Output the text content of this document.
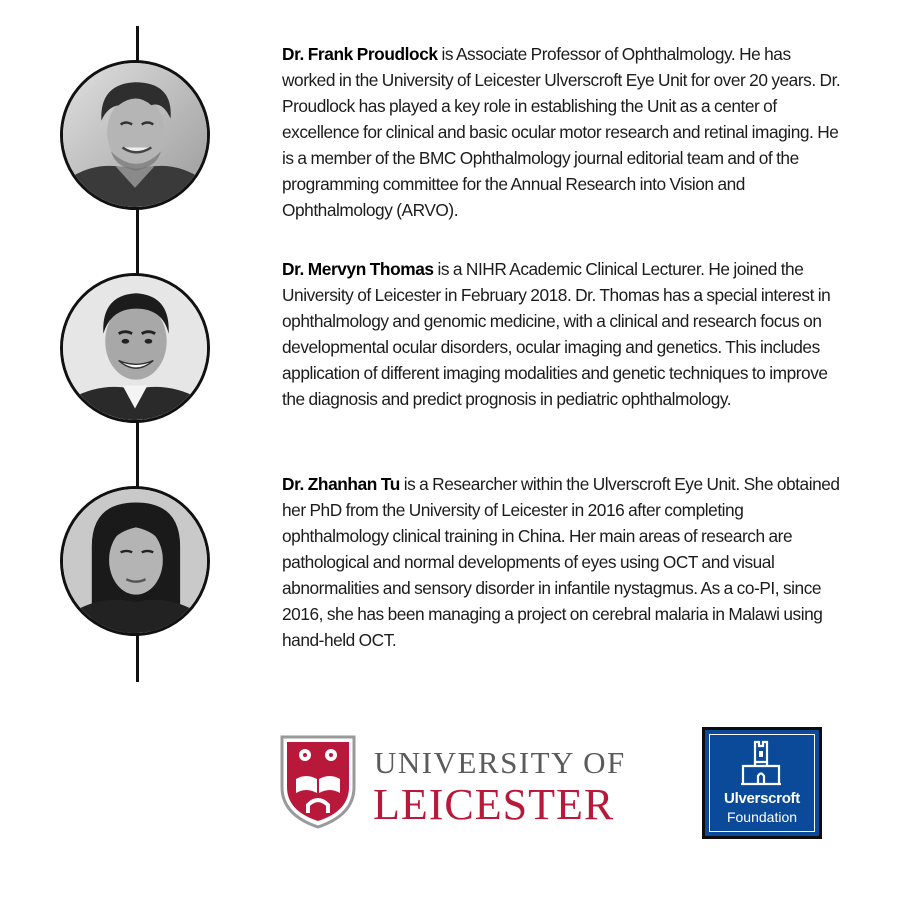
Dr. Frank Proudlock is Associate Professor of Ophthalmology. He has worked in the University of Leicester Ulverscroft Eye Unit for over 20 years. Dr. Proudlock has played a key role in establishing the Unit as a center of excellence for clinical and basic ocular motor research and retinal imaging. He is a member of the BMC Ophthalmology journal editorial team and of the programming committee for the Annual Research into Vision and Ophthalmology (ARVO).

Dr. Mervyn Thomas is a NIHR Academic Clinical Lecturer. He joined the University of Leicester in February 2018. Dr. Thomas has a special interest in ophthalmology and genomic medicine, with a clinical and research focus on developmental ocular disorders, ocular imaging and genetics. This includes application of different imaging modalities and genetic techniques to improve the diagnosis and predict prognosis in pediatric ophthalmology.

Dr. Zhanhan Tu is a Researcher within the Ulverscroft Eye Unit. She obtained her PhD from the University of Leicester in 2016 after completing ophthalmology clinical training in China. Her main areas of research are pathological and normal developments of eyes using OCT and visual abnormalities and sensory disorder in infantile nystagmus. As a co-PI, since 2016, she has been managing a project on cerebral malaria in Malawi using hand-held OCT.

UNIVERSITY OF
LEICESTER	Ulverscroft
Foundation
